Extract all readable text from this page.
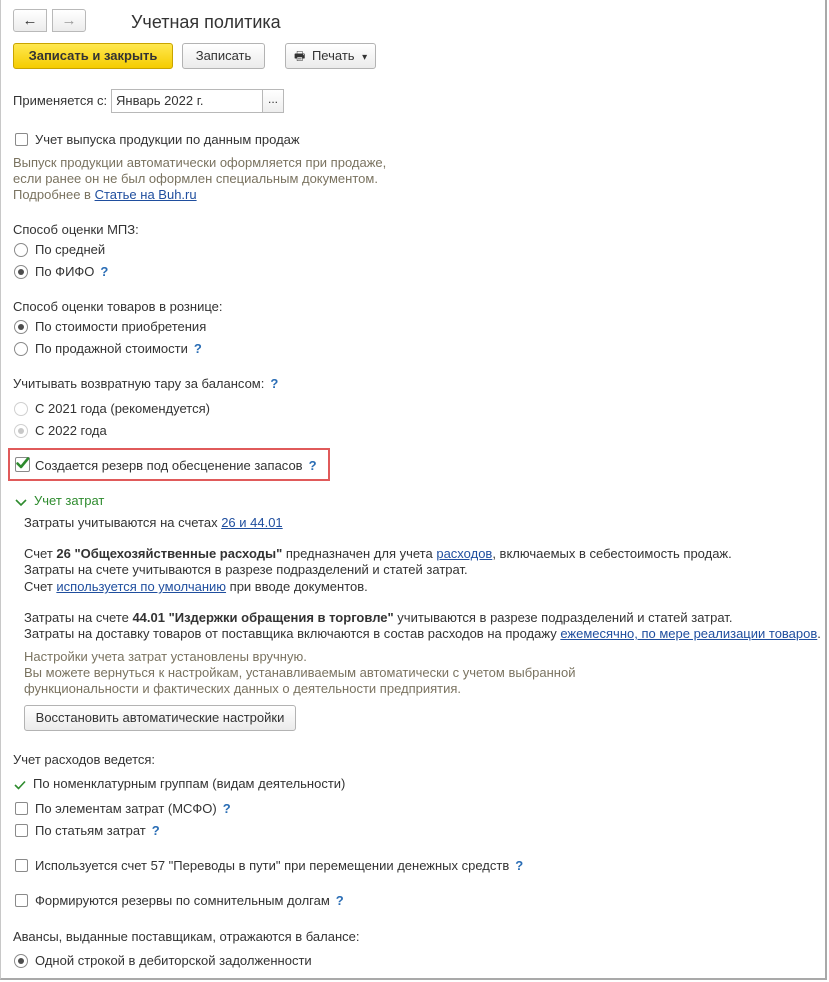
←	→	Учетная политика
Записать и закрыть	Записать	🖶 Печать ▾
Применяется с: Январь 2022 г.	...
Учет выпуска продукции по данным продаж
Выпуск продукции автоматически оформляется при продаже,
если ранее он не был оформлен специальным документом.
Подробнее в Статье на Buh.ru
Способ оценки МПЗ:
По средней
По ФИФО ?
Способ оценки товаров в рознице:
По стоимости приобретения
По продажной стоимости ?
Учитывать возвратную тару за балансом: ?
С 2021 года (рекомендуется)
С 2022 года
Создается резерв под обесценение запасов ?
Учет затрат
Затраты учитываются на счетах 26 и 44.01
Счет 26 "Общехозяйственные расходы" предназначен для учета расходов, включаемых в себестоимость продаж.
Затраты на счете учитываются в разрезе подразделений и статей затрат.
Счет используется по умолчанию при вводе документов.
Затраты на счете 44.01 "Издержки обращения в торговле" учитываются в разрезе подразделений и статей затрат.
Затраты на доставку товаров от поставщика включаются в состав расходов на продажу ежемесячно, по мере реализации товаров.
Настройки учета затрат установлены вручную.
Вы можете вернуться к настройкам, устанавливаемым автоматически с учетом выбранной
функциональности и фактических данных о деятельности предприятия.
Восстановить автоматические настройки
Учет расходов ведется:
По номенклатурным группам (видам деятельности)
По элементам затрат (МСФО) ?
По статьям затрат ?
Используется счет 57 "Переводы в пути" при перемещении денежных средств ?
Формируются резервы по сомнительным долгам ?
Авансы, выданные поставщикам, отражаются в балансе:
Одной строкой в дебиторской задолженности
